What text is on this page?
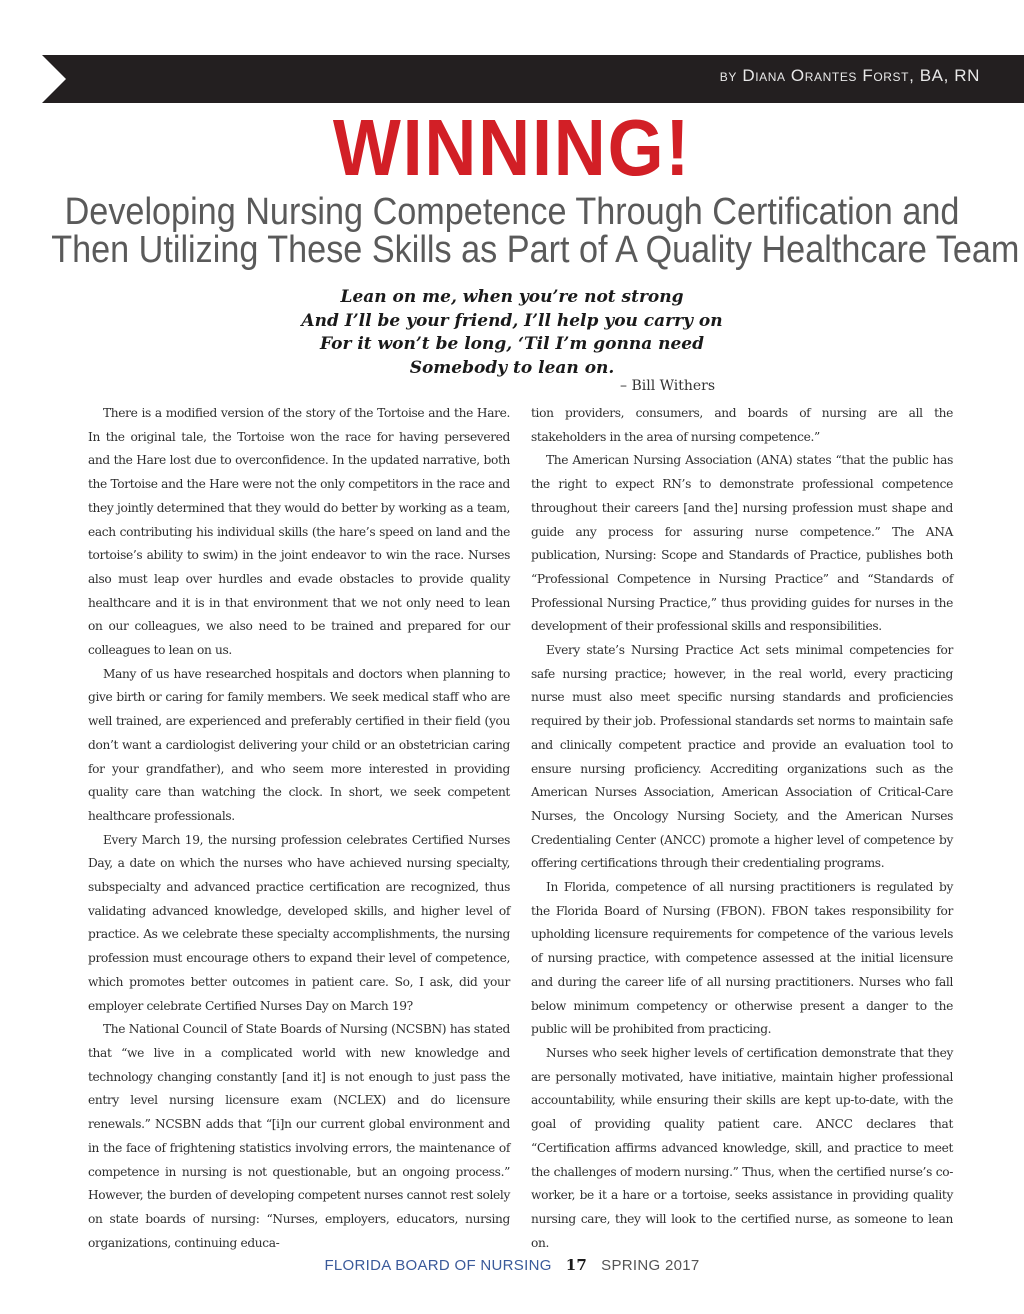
by Diana Orantes Forst, BA, RN
WINNING!
Developing Nursing Competence Through Certification and
Then Utilizing These Skills as Part of A Quality Healthcare Team
Lean on me, when you’re not strong
And I’ll be your friend, I’ll help you carry on
For it won’t be long, ‘Til I’m gonna need
Somebody to lean on.
– Bill Withers

There is a modified version of the story of the Tortoise and the Hare. In the original tale, the Tortoise won the race for having persevered and the Hare lost due to overconfidence. In the updated narrative, both the Tortoise and the Hare were not the only competitors in the race and they jointly determined that they would do better by working as a team, each contributing his individual skills (the hare’s speed on land and the tortoise’s ability to swim) in the joint endeavor to win the race. Nurses also must leap over hurdles and evade obstacles to provide quality healthcare and it is in that environment that we not only need to lean on our colleagues, we also need to be trained and prepared for our colleagues to lean on us.

Many of us have researched hospitals and doctors when planning to give birth or caring for family members. We seek medical staff who are well trained, are experienced and preferably certified in their field (you don’t want a cardiologist delivering your child or an obstetrician caring for your grandfather), and who seem more interested in providing quality care than watching the clock. In short, we seek competent healthcare professionals.

Every March 19, the nursing profession celebrates Certified Nurses Day, a date on which the nurses who have achieved nursing specialty, subspecialty and advanced practice certification are recognized, thus validating advanced knowledge, developed skills, and higher level of practice. As we celebrate these specialty accomplishments, the nursing profession must encourage others to expand their level of competence, which promotes better outcomes in patient care. So, I ask, did your employer celebrate Certified Nurses Day on March 19?

The National Council of State Boards of Nursing (NCSBN) has stated that “we live in a complicated world with new knowledge and technology changing constantly [and it] is not enough to just pass the entry level nursing licensure exam (NCLEX) and do licensure renewals.” NCSBN adds that “[i]n our current global environment and in the face of frightening statistics involving errors, the maintenance of competence in nursing is not questionable, but an ongoing process.” However, the burden of developing competent nurses cannot rest solely on state boards of nursing: “Nurses, employers, educators, nursing organizations, continuing educa-

tion providers, consumers, and boards of nursing are all the stakeholders in the area of nursing competence.”

The American Nursing Association (ANA) states “that the public has the right to expect RN’s to demonstrate professional competence throughout their careers [and the] nursing profession must shape and guide any process for assuring nurse competence.” The ANA publication, Nursing: Scope and Standards of Practice, publishes both “Professional Competence in Nursing Practice” and “Standards of Professional Nursing Practice,” thus providing guides for nurses in the development of their professional skills and responsibilities.

Every state’s Nursing Practice Act sets minimal competencies for safe nursing practice; however, in the real world, every practicing nurse must also meet specific nursing standards and proficiencies required by their job. Professional standards set norms to maintain safe and clinically competent practice and provide an evaluation tool to ensure nursing proficiency. Accrediting organizations such as the American Nurses Association, American Association of Critical-Care Nurses, the Oncology Nursing Society, and the American Nurses Credentialing Center (ANCC) promote a higher level of competence by offering certifications through their credentialing programs.

In Florida, competence of all nursing practitioners is regulated by the Florida Board of Nursing (FBON). FBON takes responsibility for upholding licensure requirements for competence of the various levels of nursing practice, with competence assessed at the initial licensure and during the career life of all nursing practitioners. Nurses who fall below minimum competency or otherwise present a danger to the public will be prohibited from practicing.

Nurses who seek higher levels of certification demonstrate that they are personally motivated, have initiative, maintain higher professional accountability, while ensuring their skills are kept up-to-date, with the goal of providing quality patient care. ANCC declares that “Certification affirms advanced knowledge, skill, and practice to meet the challenges of modern nursing.” Thus, when the certified nurse’s co-worker, be it a hare or a tortoise, seeks assistance in providing quality nursing care, they will look to the certified nurse, as someone to lean on.

FLORIDA BOARD OF NURSING 17 SPRING 2017
